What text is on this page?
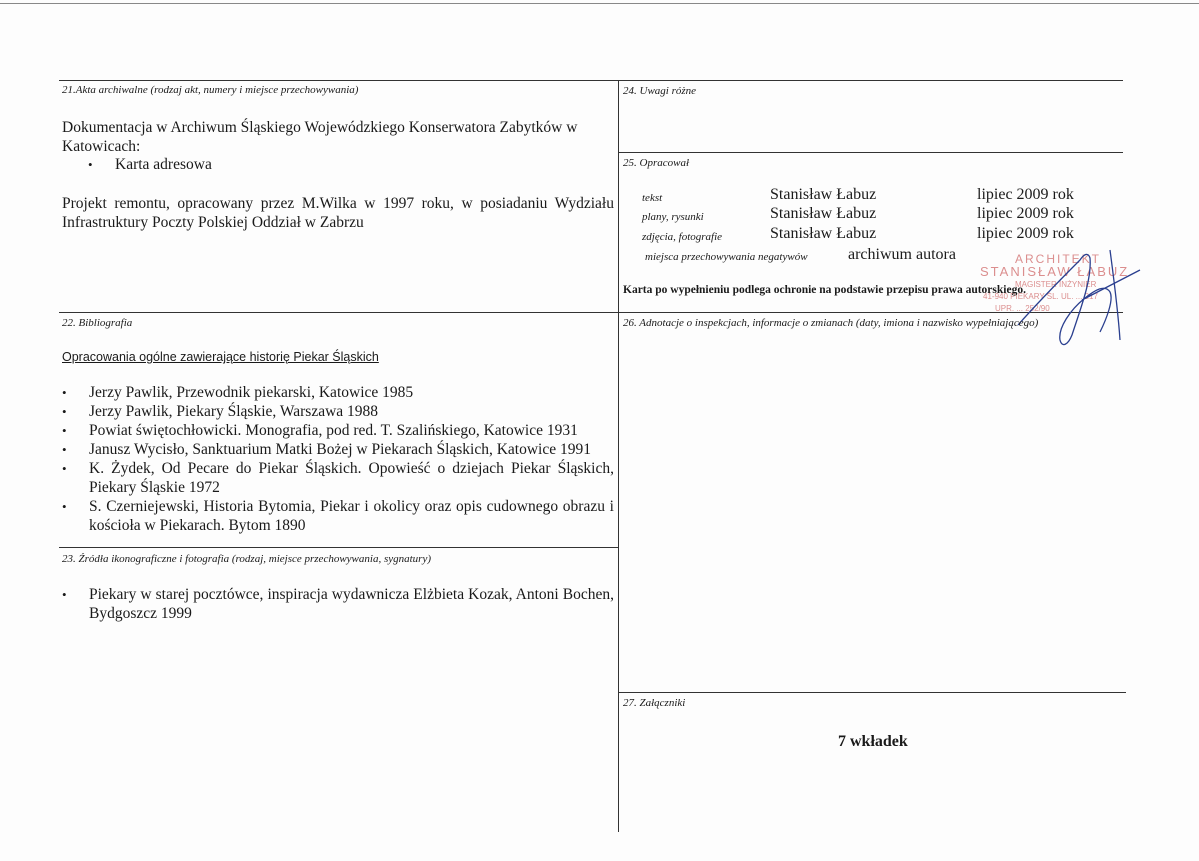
21.Akta archiwalne (rodzaj akt, numery i miejsce przechowywania)
Dokumentacja w Archiwum Śląskiego Wojewódzkiego Konserwatora Zabytków w Katowicach:
• Karta adresowa
Projekt remontu, opracowany przez M.Wilka w 1997 roku, w posiadaniu Wydziału Infrastruktury Poczty Polskiej Oddział w Zabrzu
22. Bibliografia
Opracowania ogólne zawierające historię Piekar Śląskich
• Jerzy Pawlik, Przewodnik piekarski, Katowice 1985
• Jerzy Pawlik, Piekary Śląskie, Warszawa 1988
• Powiat świętochłowicki. Monografia, pod red. T. Szalińskiego, Katowice 1931
• Janusz Wycisło, Sanktuarium Matki Bożej w Piekarach Śląskich, Katowice 1991
• K. Żydek, Od Pecare do Piekar Śląskich. Opowieść o dziejach Piekar Śląskich, Piekary Śląskie 1972
• S. Czerniejewski, Historia Bytomia, Piekar i okolicy oraz opis cudownego obrazu i kościoła w Piekarach. Bytom 1890
23. Źródła ikonograficzne i fotografia (rodzaj, miejsce przechowywania, sygnatury)
• Piekary w starej pocztówce, inspiracja wydawnicza Elżbieta Kozak, Antoni Bochen, Bydgoszcz 1999
24. Uwagi różne
25. Opracował
tekst	Stanisław Łabuz	lipiec 2009 rok
plany, rysunki	Stanisław Łabuz	lipiec 2009 rok
zdjęcia, fotografie	Stanisław Łabuz	lipiec 2009 rok
miejsca przechowywania negatywów	archiwum autora	ARCHITEKT
STANISŁAW ŁABUZ
MAGISTER INŻYNIER
41-940 PIEKARY ŚL. UL. ... 217
UPR. ... 252/90
Karta po wypełnieniu podlega ochronie na podstawie przepisu prawa autorskiego.
26. Adnotacje o inspekcjach, informacje o zmianach (daty, imiona i nazwisko wypełniającego)
27. Załączniki
7 wkładek
